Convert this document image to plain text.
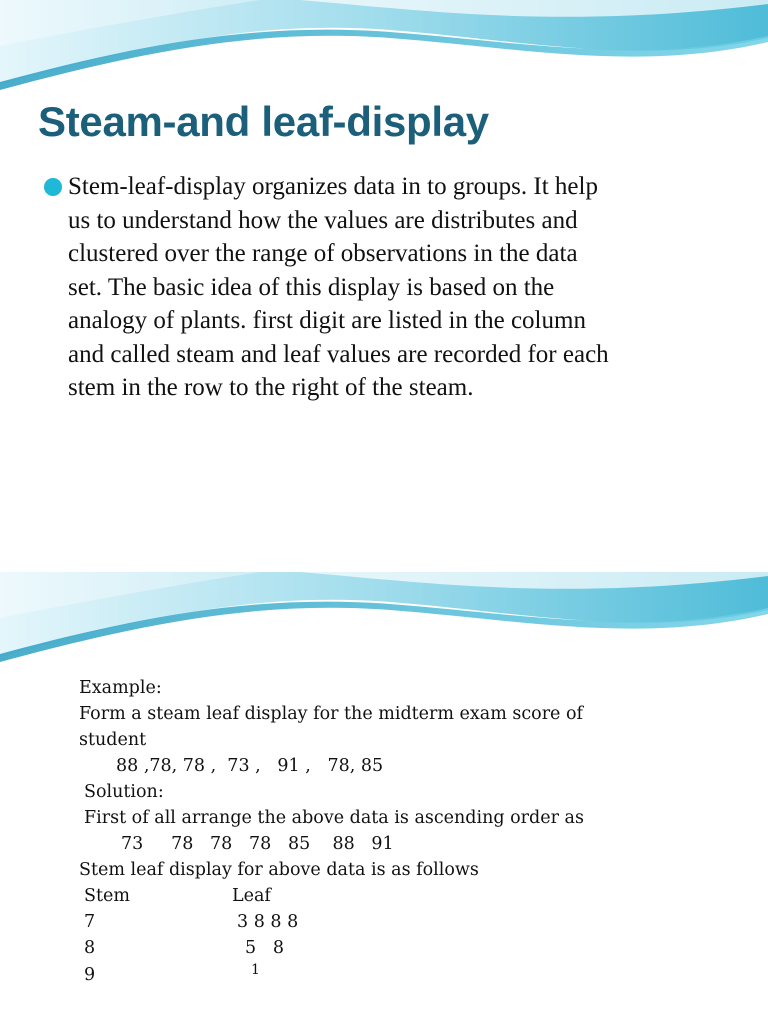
Steam-and leaf-display

Stem-leaf-display organizes data in to groups. It help
us to understand how the values are distributes and
clustered over the range of observations in the data
set. The basic idea of this display is based on the
analogy of plants. first digit are listed in the column
and called steam and leaf values are recorded for each
stem in the row to the right of the steam.

Example:
Form a steam leaf display for the midterm exam score of
student
88 ,78, 78 ,  73 ,   91 ,   78, 85
Solution:
First of all arrange the above data is ascending order as
73     78   78   78   85    88   91
Stem leaf display for above data is as follows
Stem	Leaf
7	3 8 8 8
8	5   8
9	1
